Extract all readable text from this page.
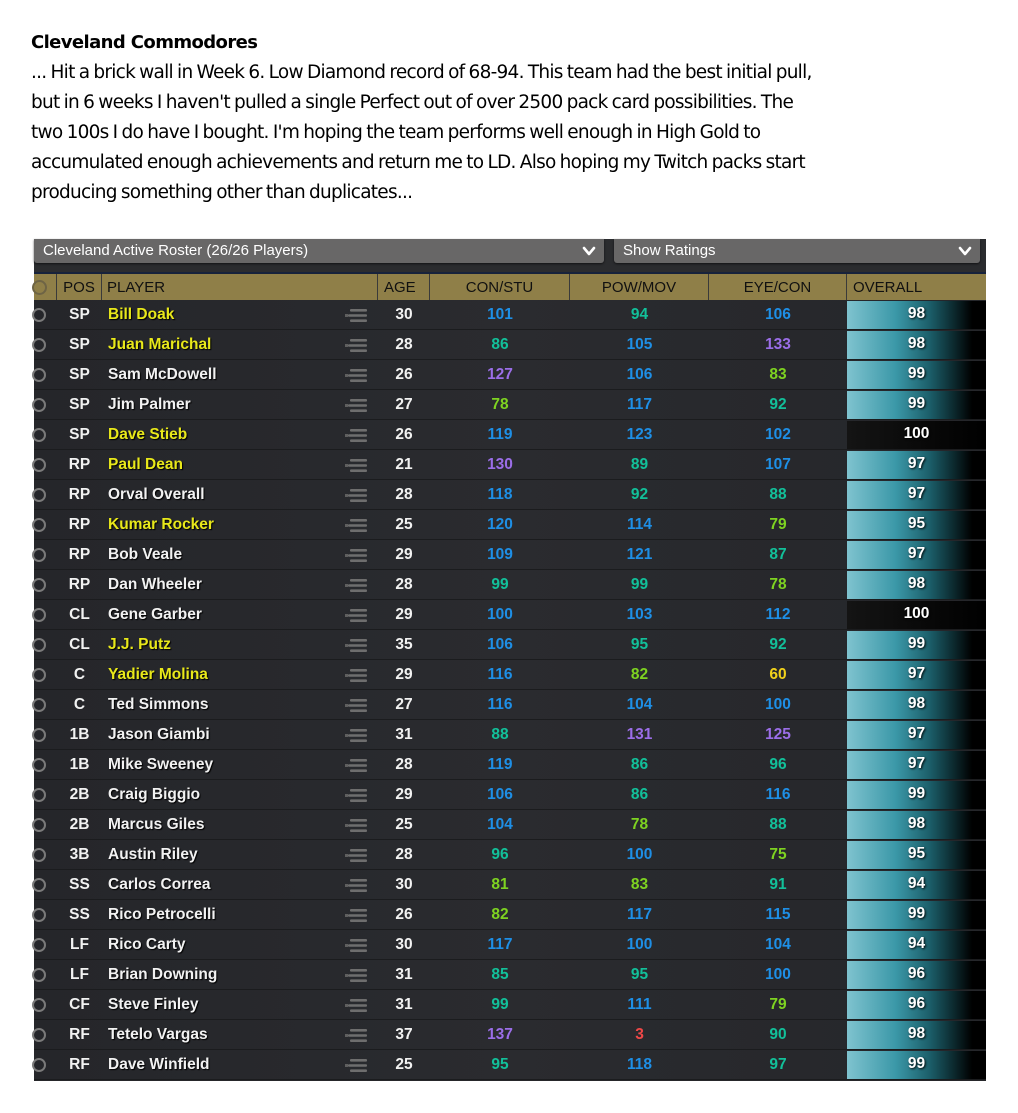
Cleveland Commodores

... Hit a brick wall in Week 6. Low Diamond record of 68-94. This team had the best initial pull,

but in 6 weeks I haven't pulled a single Perfect out of over 2500 pack card possibilities. The

two 100s I do have I bought. I'm hoping the team performs well enough in High Gold to

accumulated enough achievements and return me to LD. Also hoping my Twitch packs start

producing something other than duplicates...

Cleveland Active Roster (26/26 Players)	Show Ratings
POS PLAYER	AGE	CON/STU	POW/MOV	EYE/CON	OVERALL
SP	Bill Doak	30	101	94	106	98
SP	Juan Marichal	28	86	105	133	98
SP	Sam McDowell	26	127	106	83	99
SP	Jim Palmer	27	78	117	92	99
SP	Dave Stieb	26	119	123	102	100
RP	Paul Dean	21	130	89	107	97
RP	Orval Overall	28	118	92	88	97
RP	Kumar Rocker	25	120	114	79	95
RP	Bob Veale	29	109	121	87	97
RP	Dan Wheeler	28	99	99	78	98
CL	Gene Garber	29	100	103	112	100
CL	J.J. Putz	35	106	95	92	99
C	Yadier Molina	29	116	82	60	97
C	Ted Simmons	27	116	104	100	98
1B	Jason Giambi	31	88	131	125	97
1B	Mike Sweeney	28	119	86	96	97
2B	Craig Biggio	29	106	86	116	99
2B	Marcus Giles	25	104	78	88	98
3B	Austin Riley	28	96	100	75	95
SS	Carlos Correa	30	81	83	91	94
SS	Rico Petrocelli	26	82	117	115	99
LF	Rico Carty	30	117	100	104	94
LF	Brian Downing	31	85	95	100	96
CF	Steve Finley	31	99	111	79	96
RF	Tetelo Vargas	37	137	3	90	98
RF	Dave Winfield	25	95	118	97	99
